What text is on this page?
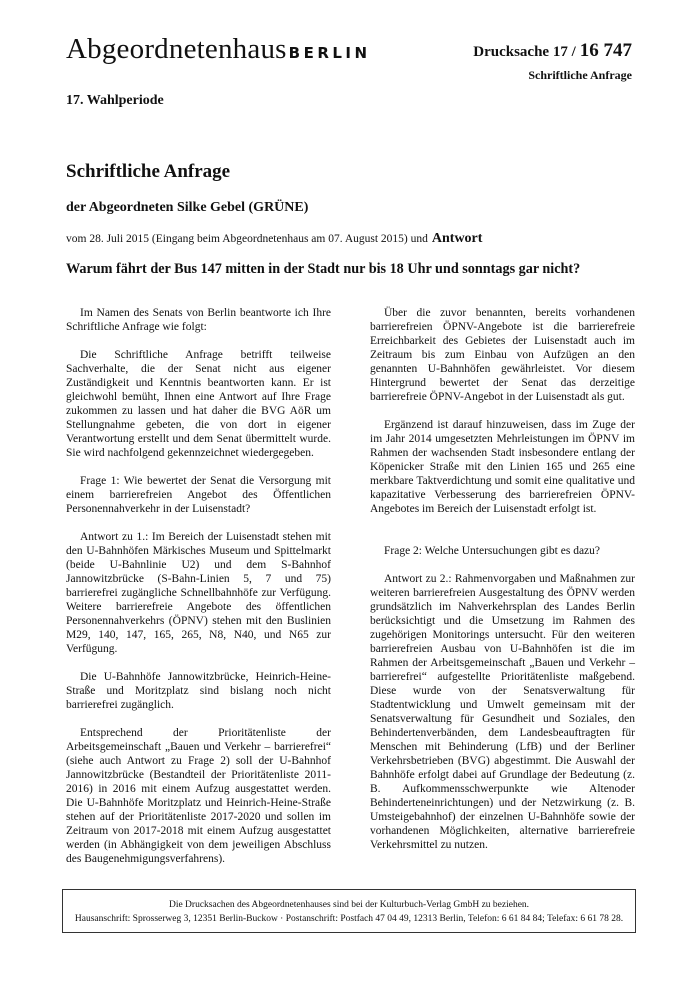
Abgeordnetenhaus BERLIN	Drucksache 17 / 16 747
Schriftliche Anfrage
17. Wahlperiode
Schriftliche Anfrage
der Abgeordneten Silke Gebel (GRÜNE)
vom 28. Juli 2015 (Eingang beim Abgeordnetenhaus am 07. August 2015) und Antwort
Warum fährt der Bus 147 mitten in der Stadt nur bis 18 Uhr und sonntags gar nicht?

Im Namen des Senats von Berlin beantworte ich Ihre Schriftliche Anfrage wie folgt:

Die Schriftliche Anfrage betrifft teilweise Sachverhalte, die der Senat nicht aus eigener Zuständigkeit und Kenntnis beantworten kann. Er ist gleichwohl bemüht, Ihnen eine Antwort auf Ihre Frage zukommen zu lassen und hat daher die BVG AöR um Stellungnahme gebeten, die von dort in eigener Verantwortung erstellt und dem Senat übermittelt wurde. Sie wird nachfolgend gekennzeichnet wiedergegeben.

Frage 1: Wie bewertet der Senat die Versorgung mit einem barrierefreien Angebot des Öffentlichen Personennahverkehr in der Luisenstadt?

Antwort zu 1.: Im Bereich der Luisenstadt stehen mit den U-Bahnhöfen Märkisches Museum und Spittelmarkt (beide U-Bahnlinie U2) und dem S-Bahnhof Jannowitzbrücke (S-Bahn-Linien 5, 7 und 75) barrierefrei zugängliche Schnellbahnhöfe zur Verfügung. Weitere barrierefreie Angebote des öffentlichen Personennahverkehrs (ÖPNV) stehen mit den Buslinien M29, 140, 147, 165, 265, N8, N40, und N65 zur Verfügung.

Die U-Bahnhöfe Jannowitzbrücke, Heinrich-Heine-Straße und Moritzplatz sind bislang noch nicht barrierefrei zugänglich.

Entsprechend der Prioritätenliste der Arbeitsgemeinschaft „Bauen und Verkehr – barrierefrei“ (siehe auch Antwort zu Frage 2) soll der U-Bahnhof Jannowitzbrücke (Bestandteil der Prioritätenliste 2011-2016) in 2016 mit einem Aufzug ausgestattet werden. Die U-Bahnhöfe Moritzplatz und Heinrich-Heine-Straße stehen auf der Prioritätenliste 2017-2020 und sollen im Zeitraum von 2017-2018 mit einem Aufzug ausgestattet werden (in Abhängigkeit von dem jeweiligen Abschluss des Baugenehmigungsverfahrens).

Über die zuvor benannten, bereits vorhandenen barrierefreien ÖPNV-Angebote ist die barrierefreie Erreichbarkeit des Gebietes der Luisenstadt auch im Zeitraum bis zum Einbau von Aufzügen an den genannten U-Bahnhöfen gewährleistet. Vor diesem Hintergrund bewertet der Senat das derzeitige barrierefreie ÖPNV-Angebot in der Luisenstadt als gut.

Ergänzend ist darauf hinzuweisen, dass im Zuge der im Jahr 2014 umgesetzten Mehrleistungen im ÖPNV im Rahmen der wachsenden Stadt insbesondere entlang der Köpenicker Straße mit den Linien 165 und 265 eine merkbare Taktverdichtung und somit eine qualitative und kapazitative Verbesserung des barrierefreien ÖPNV-Angebotes im Bereich der Luisenstadt erfolgt ist.

Frage 2: Welche Untersuchungen gibt es dazu?

Antwort zu 2.: Rahmenvorgaben und Maßnahmen zur weiteren barrierefreien Ausgestaltung des ÖPNV werden grundsätzlich im Nahverkehrsplan des Landes Berlin berücksichtigt und die Umsetzung im Rahmen des zugehörigen Monitorings untersucht. Für den weiteren barrierefreien Ausbau von U-Bahnhöfen ist die im Rahmen der Arbeitsgemeinschaft „Bauen und Verkehr – barrierefrei“ aufgestellte Prioritätenliste maßgebend. Diese wurde von der Senatsverwaltung für Stadtentwicklung und Umwelt gemeinsam mit der Senatsverwaltung für Gesundheit und Soziales, den Behindertenverbänden, dem Landesbeauftragten für Menschen mit Behinderung (LfB) und der Berliner Verkehrsbetrieben (BVG) abgestimmt. Die Auswahl der Bahnhöfe erfolgt dabei auf Grundlage der Bedeutung (z. B. Aufkommensschwerpunkte wie Altenoder Behinderteneinrichtungen) und der Netzwirkung (z. B. Umsteigebahnhof) der einzelnen U-Bahnhöfe sowie der vorhandenen Möglichkeiten, alternative barrierefreie Verkehrsmittel zu nutzen.

Die Drucksachen des Abgeordnetenhauses sind bei der Kulturbuch-Verlag GmbH zu beziehen.
Hausanschrift: Sprosserweg 3, 12351 Berlin-Buckow · Postanschrift: Postfach 47 04 49, 12313 Berlin, Telefon: 6 61 84 84; Telefax: 6 61 78 28.
